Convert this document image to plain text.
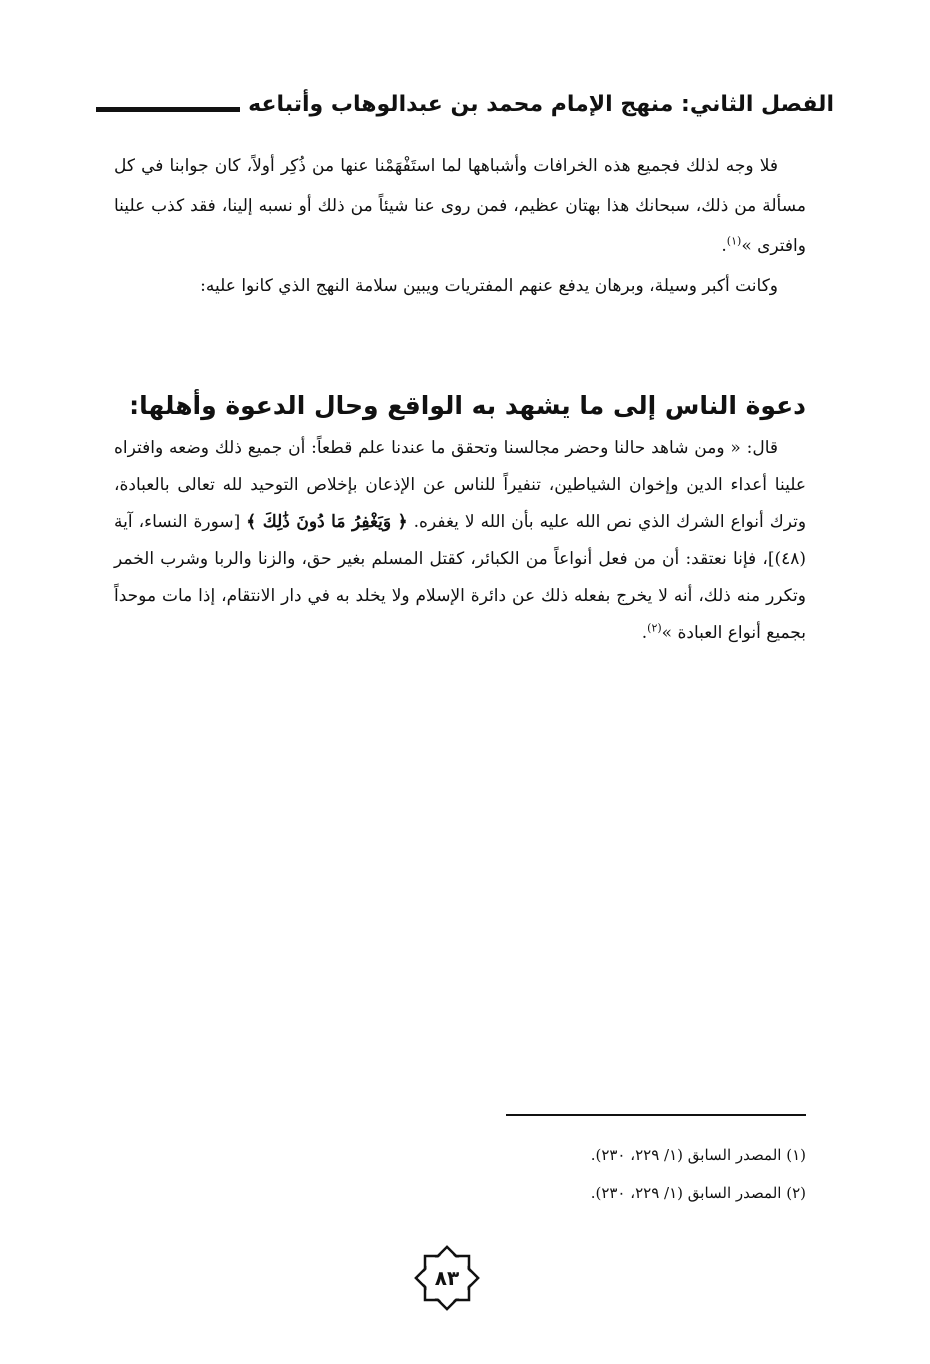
الفصل الثاني: منهج الإمام محمد بن عبدالوهاب وأتباعه

فلا وجه لذلك فجميع هذه الخرافات وأشباهها لما استَفْهَمْنا عنها من ذُكِر أولاً، كان جوابنا في كل مسألة من ذلك، سبحانك هذا بهتان عظيم، فمن روى عنا شيئاً من ذلك أو نسبه إلينا، فقد كذب علينا وافترى »$^{(١)}$.

وكانت أكبر وسيلة، وبرهان يدفع عنهم المفتريات ويبين سلامة النهج الذي كانوا عليه:

دعوة الناس إلى ما يشهد به الواقع وحال الدعوة وأهلها:

قال: « ومن شاهد حالنا وحضر مجالسنا وتحقق ما عندنا علم قطعاً: أن جميع ذلك وضعه وافتراه علينا أعداء الدين وإخوان الشياطين، تنفيراً للناس عن الإذعان بإخلاص التوحيد لله تعالى بالعبادة، وترك أنواع الشرك الذي نص الله عليه بأن الله لا يغفره. ﴿ وَيَغْفِرُ مَا دُونَ ذَٰلِكَ ﴾ [سورة النساء، آية (٤٨)]، فإنا نعتقد: أن من فعل أنواعاً من الكبائر، كقتل المسلم بغير حق، والزنا والربا وشرب الخمر وتكرر منه ذلك، أنه لا يخرج بفعله ذلك عن دائرة الإسلام ولا يخلد به في دار الانتقام، إذا مات موحداً بجميع أنواع العبادة »$^{(٢)}$.

(١) المصدر السابق (١/ ٢٢٩، ٢٣٠).
(٢) المصدر السابق (١/ ٢٢٩، ٢٣٠).
٨٣
